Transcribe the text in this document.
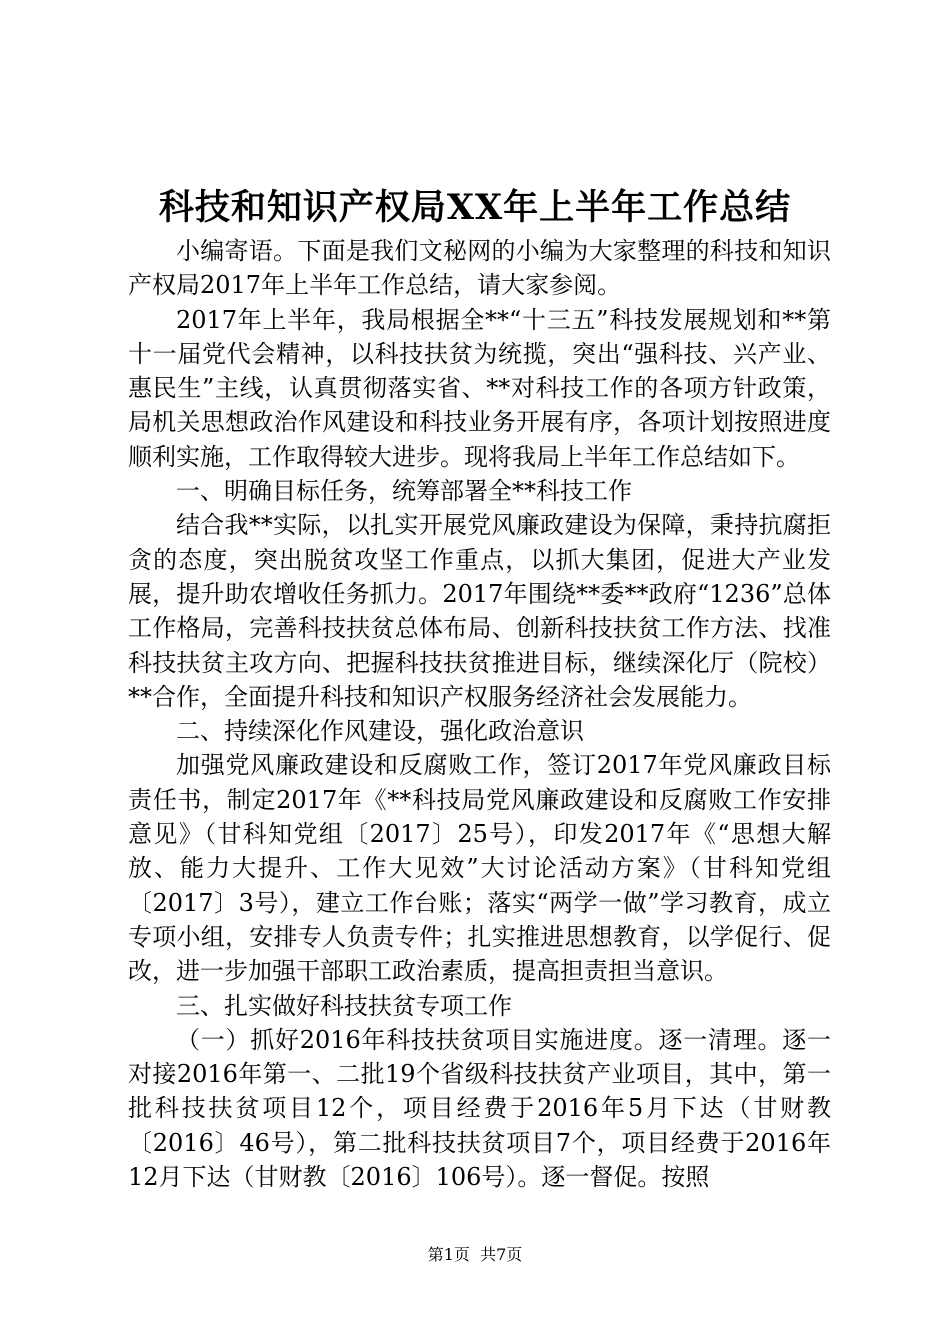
科技和知识产权局XX年上半年工作总结

小编寄语。下面是我们文秘网的小编为大家整理的科技和知识产权局2017年上半年工作总结，请大家参阅。

2017年上半年，我局根据全**“十三五”科技发展规划和**第十一届党代会精神，以科技扶贫为统揽，突出“强科技、兴产业、惠民生”主线，认真贯彻落实省、**对科技工作的各项方针政策，局机关思想政治作风建设和科技业务开展有序，各项计划按照进度顺利实施，工作取得较大进步。现将我局上半年工作总结如下。

一、明确目标任务，统筹部署全**科技工作

结合我**实际，以扎实开展党风廉政建设为保障，秉持抗腐拒贪的态度，突出脱贫攻坚工作重点，以抓大集团，促进大产业发展，提升助农增收任务抓力。2017年围绕**委**政府“1236”总体工作格局，完善科技扶贫总体布局、创新科技扶贫工作方法、找准科技扶贫主攻方向、把握科技扶贫推进目标，继续深化厅（院校）**合作，全面提升科技和知识产权服务经济社会发展能力。

二、持续深化作风建设，强化政治意识

加强党风廉政建设和反腐败工作，签订2017年党风廉政目标责任书，制定2017年《**科技局党风廉政建设和反腐败工作安排意见》（甘科知党组〔2017〕25号），印发2017年《“思想大解放、能力大提升、工作大见效”大讨论活动方案》（甘科知党组〔2017〕3号），建立工作台账；落实“两学一做”学习教育，成立专项小组，安排专人负责专件；扎实推进思想教育，以学促行、促改，进一步加强干部职工政治素质，提高担责担当意识。

三、扎实做好科技扶贫专项工作

（一）抓好2016年科技扶贫项目实施进度。逐一清理。逐一对接2016年第一、二批19个省级科技扶贫产业项目，其中，第一批科技扶贫项目12个，项目经费于2016年5月下达（甘财教〔2016〕46号），第二批科技扶贫项目7个，项目经费于2016年12月下达（甘财教〔2016〕106号）。逐一督促。按照

第1页  共7页
